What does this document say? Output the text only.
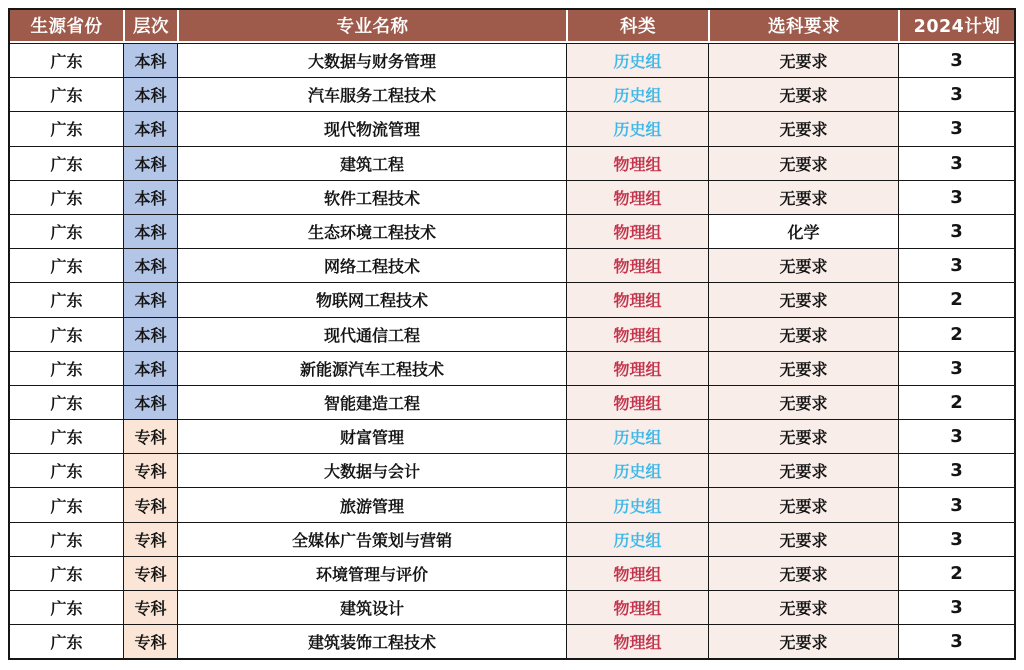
生源省份	层次	专业名称	科类	选科要求	2024计划
广东	本科	大数据与财务管理	历史组	无要求	3
广东	本科	汽车服务工程技术	历史组	无要求	3
广东	本科	现代物流管理	历史组	无要求	3
广东	本科	建筑工程	物理组	无要求	3
广东	本科	软件工程技术	物理组	无要求	3
广东	本科	生态环境工程技术	物理组	化学	3
广东	本科	网络工程技术	物理组	无要求	3
广东	本科	物联网工程技术	物理组	无要求	2
广东	本科	现代通信工程	物理组	无要求	2
广东	本科	新能源汽车工程技术	物理组	无要求	3
广东	本科	智能建造工程	物理组	无要求	2
广东	专科	财富管理	历史组	无要求	3
广东	专科	大数据与会计	历史组	无要求	3
广东	专科	旅游管理	历史组	无要求	3
广东	专科	全媒体广告策划与营销	历史组	无要求	3
广东	专科	环境管理与评价	物理组	无要求	2
广东	专科	建筑设计	物理组	无要求	3
广东	专科	建筑装饰工程技术	物理组	无要求	3
